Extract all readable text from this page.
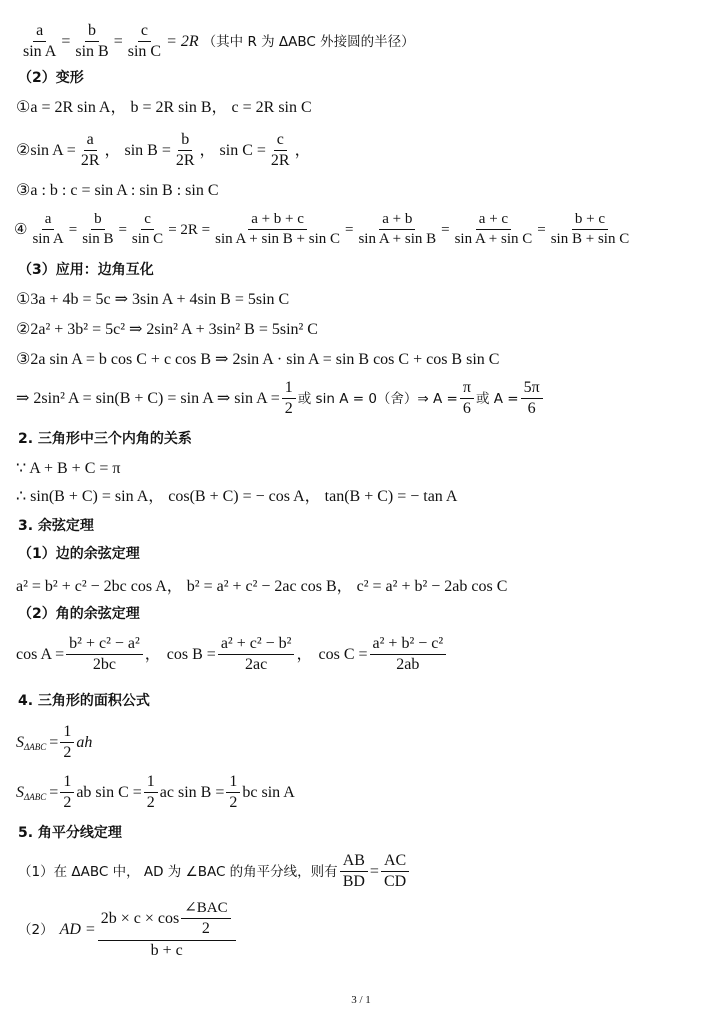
$\frac{a}{\text{sin A}} = \frac{b}{\text{sin B}} = \frac{c}{\text{sin C}} = 2R$ （其中 R 为 ΔABC 外接圆的半径）
（2）变形
①a = 2R sin A， b = 2R sin B， c = 2R sin C
②sin $A = \frac{a}{2R}$ ， $\sin B = \frac{b}{2R}$ ， $\sin C = \frac{c}{2R}$ ，
③a : b : c = sin A : sin B : sin C
④ $\frac{a}{\text{sin A}} = \frac{b}{\text{sin B}} = \frac{c}{\text{sin C}} = 2R = \frac{a + b + c}{\text{sin A + sin B + sin C}} = \frac{a + b}{\text{sin A + sin B}} = \frac{a + c}{\text{sin A + sin C}} = \frac{b + c}{\text{sin B + sin C}}$
（3）应用：边角互化
①3a + 4b = 5c ⇒ 3sin A + 4sin B = 5sin C
②2a² + 3b² = 5c² ⇒ 2sin² A + 3sin² B = 5sin² C
③2a sin A = b cos C + c cos B ⇒ 2sin A · sin A = sin B cos C + cos B sin C
⇒ 2sin² A = sin(B + C) = sin A ⇒ $\sin A = \frac{1}{2}$ 或 sin A = 0（舍）⇒ $A = \frac{\pi}{6}$ 或 $A = \frac{5\pi}{6}$
2. 三角形中三个内角的关系
∵ A + B + C = π
∴ sin(B + C) = sin A， cos(B + C) = − cos A， tan(B + C) = − tan A
3. 余弦定理
（1）边的余弦定理
a² = b² + c² − 2bc cos A， b² = a² + c² − 2ac cos B， c² = a² + b² − 2ab cos C
（2）角的余弦定理
$\cos A = \frac{\text{b² + c² − a²}}{2bc}$ ， $\cos B = \frac{\text{a² + c² − b²}}{2ac}$ ， $\cos C = \frac{\text{a² + b² − c²}}{2ab}$
4. 三角形的面积公式
S $\Delta ABC = \frac{1}{2}$ ah
S $\Delta ABC = \frac{1}{2}$ ab $\sin C = \frac{1}{2}$ ac $\sin B = \frac{1}{2}$ bc sin A
5. 角平分线定理
（1）在 ΔABC 中， AD 为 ∠BAC 的角平分线，则有 $\frac{AB}{BD} = \frac{AC}{CD}$
（2） AD = $\frac{2b \times c \times \cos \frac{\text{∠BAC}}{2}}{b + c}$
3 / 1
